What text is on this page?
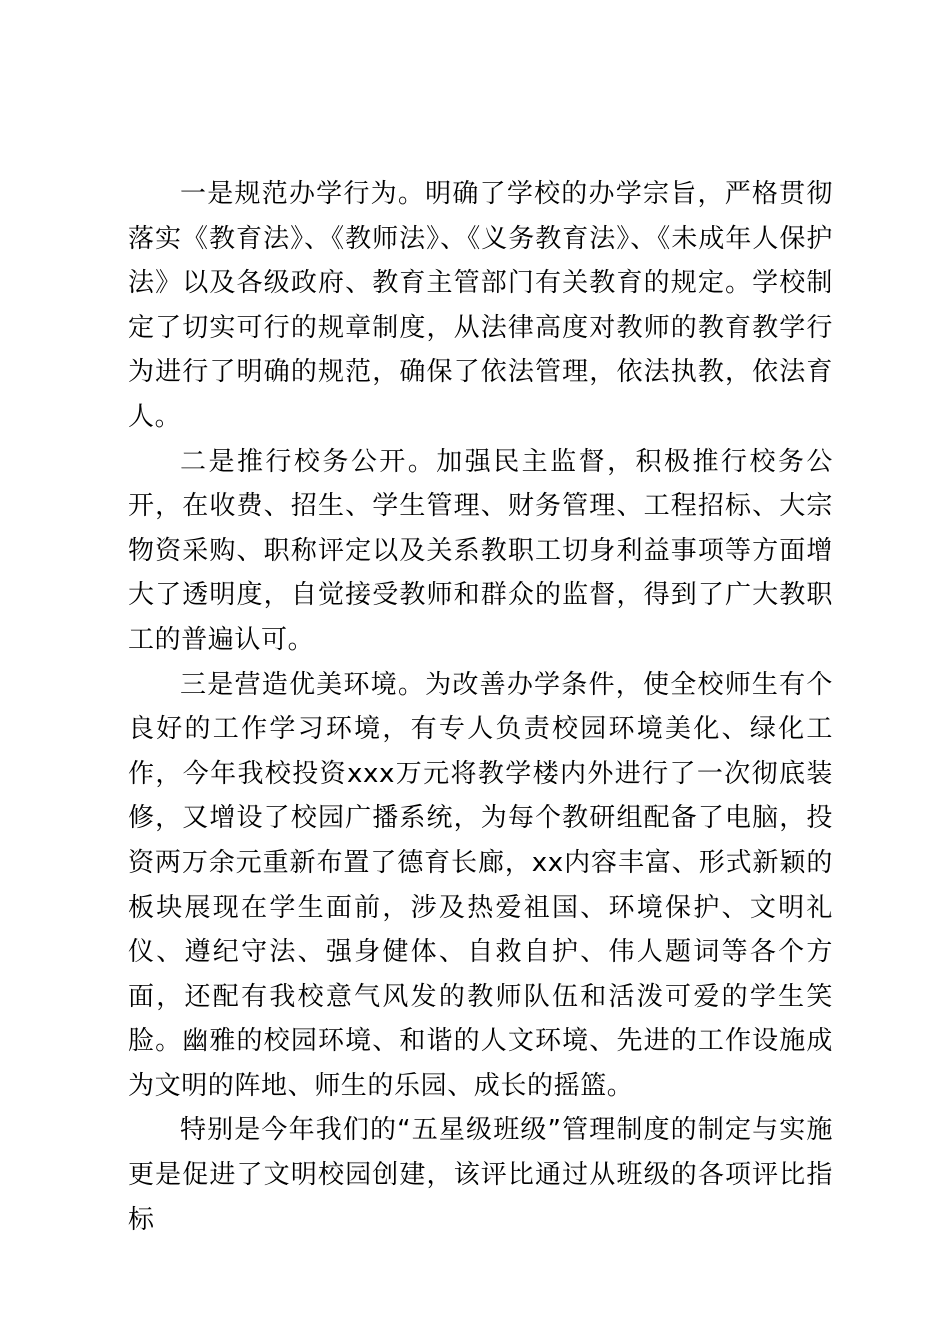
一是规范办学行为。明确了学校的办学宗旨，严格贯彻落实《教育法》、《教师法》、《义务教育法》、《未成年人保护法》以及各级政府、教育主管部门有关教育的规定。学校制定了切实可行的规章制度，从法律高度对教师的教育教学行为进行了明确的规范，确保了依法管理，依法执教，依法育人。

二是推行校务公开。加强民主监督，积极推行校务公开，在收费、招生、学生管理、财务管理、工程招标、大宗物资采购、职称评定以及关系教职工切身利益事项等方面增大了透明度，自觉接受教师和群众的监督，得到了广大教职工的普遍认可。

三是营造优美环境。为改善办学条件，使全校师生有个良好的工作学习环境，有专人负责校园环境美化、绿化工作，今年我校投资xxx万元将教学楼内外进行了一次彻底装修，又增设了校园广播系统，为每个教研组配备了电脑，投资两万余元重新布置了德育长廊，xx内容丰富、形式新颖的板块展现在学生面前，涉及热爱祖国、环境保护、文明礼仪、遵纪守法、强身健体、自救自护、伟人题词等各个方面，还配有我校意气风发的教师队伍和活泼可爱的学生笑脸。幽雅的校园环境、和谐的人文环境、先进的工作设施成为文明的阵地、师生的乐园、成长的摇篮。

特别是今年我们的“五星级班级”管理制度的制定与实施更是促进了文明校园创建，该评比通过从班级的各项评比指标
